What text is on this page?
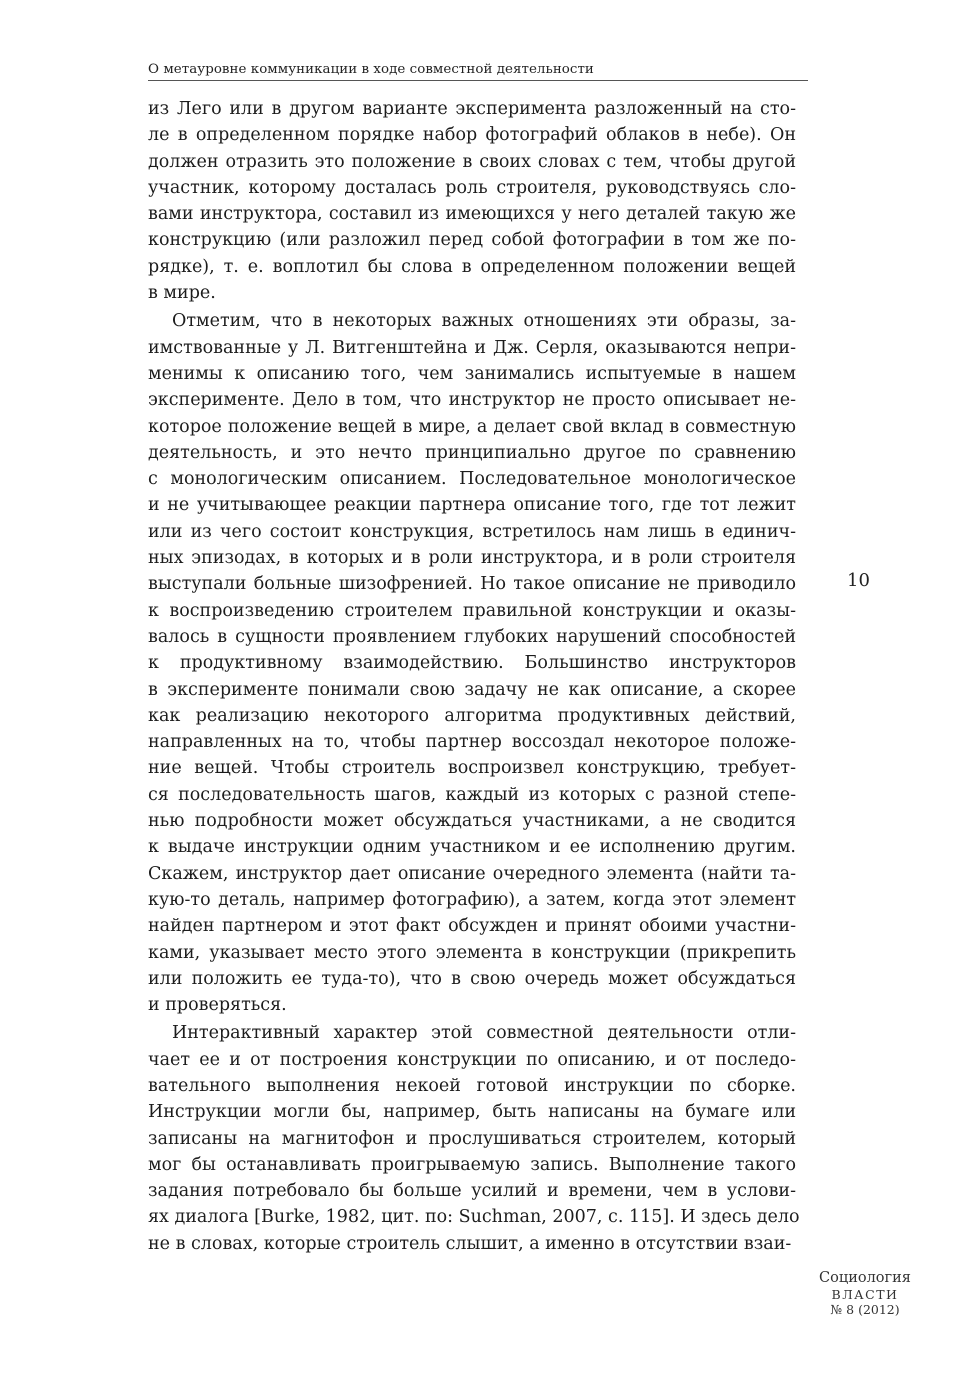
О метауровне коммуникации в ходе совместной деятельности
из Лего или в другом варианте эксперимента разложенный на сто-
ле в определенном порядке набор фотографий облаков в небе). Он
должен отразить это положение в своих словах с тем, чтобы другой
участник, которому досталась роль строителя, руководствуясь сло-
вами инструктора, составил из имеющихся у него деталей такую же
конструкцию (или разложил перед собой фотографии в том же по-
рядке), т. е. воплотил бы слова в определенном положении вещей
в мире.
Отметим, что в некоторых важных отношениях эти образы, за-
имствованные у Л. Витгенштейна и Дж. Серля, оказываются непри-
менимы к описанию того, чем занимались испытуемые в нашем
эксперименте. Дело в том, что инструктор не просто описывает не-
которое положение вещей в мире, а делает свой вклад в совместную
деятельность, и это нечто принципиально другое по сравнению
с монологическим описанием. Последовательное монологическое
и не учитывающее реакции партнера описание того, где тот лежит
или из чего состоит конструкция, встретилось нам лишь в единич-
ных эпизодах, в которых и в роли инструктора, и в роли строителя
выступали больные шизофренией. Но такое описание не приводило
к воспроизведению строителем правильной конструкции и оказы-
валось в сущности проявлением глубоких нарушений способностей
к продуктивному взаимодействию. Большинство инструкторов
в эксперименте понимали свою задачу не как описание, а скорее
как реализацию некоторого алгоритма продуктивных действий,
направленных на то, чтобы партнер воссоздал некоторое положе-
ние вещей. Чтобы строитель воспроизвел конструкцию, требует-
ся последовательность шагов, каждый из которых с разной степе-
нью подробности может обсуждаться участниками, а не сводится
к выдаче инструкции одним участником и ее исполнению другим.
Скажем, инструктор дает описание очередного элемента (найти та-
кую-то деталь, например фотографию), а затем, когда этот элемент
найден партнером и этот факт обсужден и принят обоими участни-
ками, указывает место этого элемента в конструкции (прикрепить
или положить ее туда-то), что в свою очередь может обсуждаться
и проверяться.
Интерактивный характер этой совместной деятельности отли-
чает ее и от построения конструкции по описанию, и от последо-
вательного выполнения некоей готовой инструкции по сборке.
Инструкции могли бы, например, быть написаны на бумаге или
записаны на магнитофон и прослушиваться строителем, который
мог бы останавливать проигрываемую запись. Выполнение такого
задания потребовало бы больше усилий и времени, чем в услови-
ях диалога [Burke, 1982, цит. по: Suchman, 2007, с. 115]. И здесь дело
не в словах, которые строитель слышит, а именно в отсутствии взаи-
10
Социология
ВЛАСТИ
№ 8 (2012)
